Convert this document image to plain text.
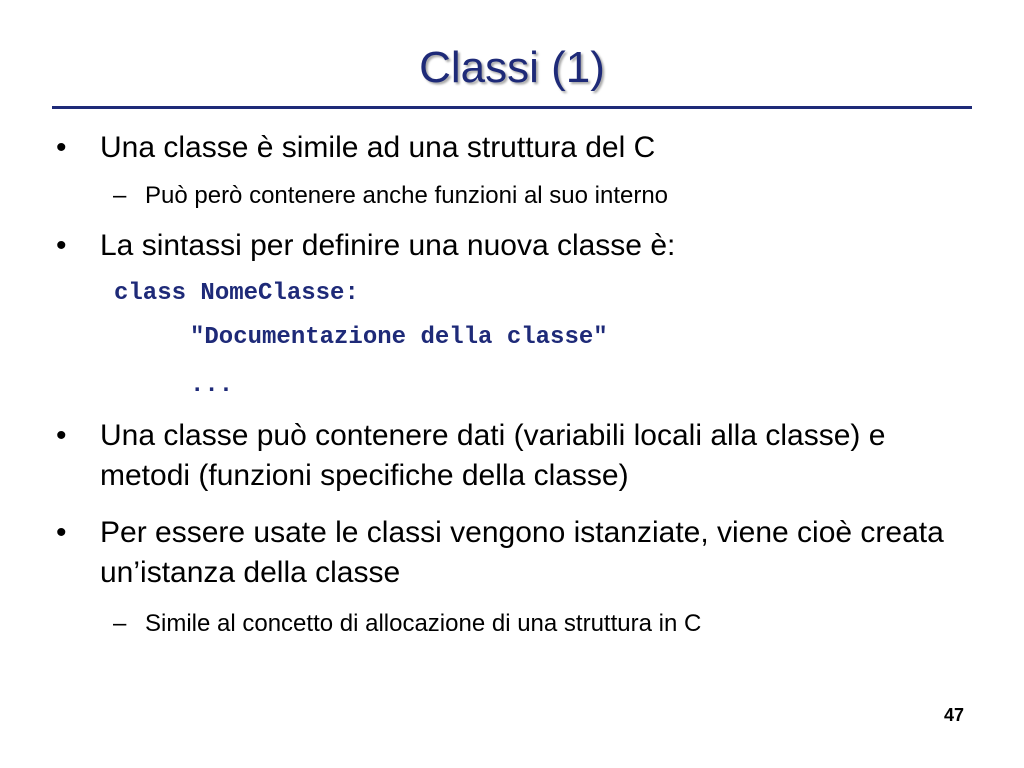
Classi (1)
•	Una classe è simile ad una struttura del C
– Può però contenere anche funzioni al suo interno
•	La sintassi per definire una nuova classe è:
class NomeClasse:
"Documentazione della classe"
...
•	Una classe può contenere dati (variabili locali alla classe) e metodi (funzioni specifiche della classe)
•	Per essere usate le classi vengono istanziate, viene cioè creata un’istanza della classe
– Simile al concetto di allocazione di una struttura in C
47
